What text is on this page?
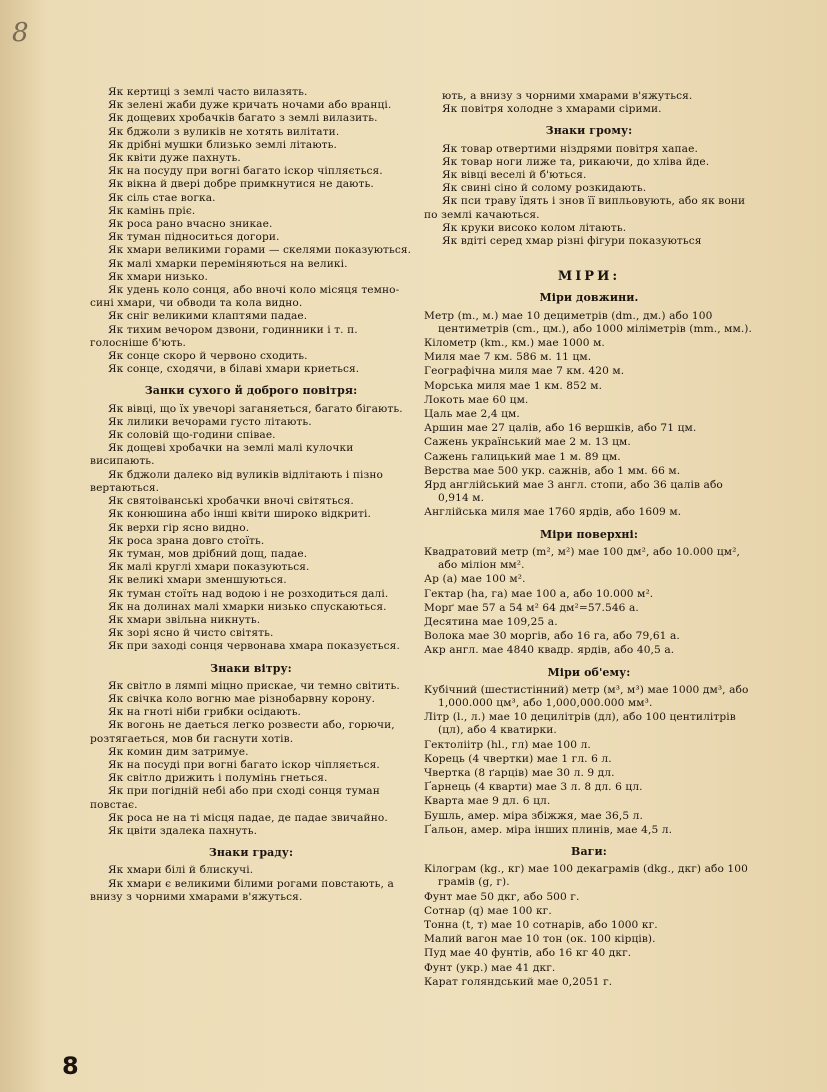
8

Як кертиці з землі часто вилазять.

Як зелені жаби дуже кричать ночами або вранці.

Як дощевих хробачків багато з землі вилазить.

Як бджоли з вуликів не хотять вилітати.

Як дрібні мушки близько землі літають.

Як квіти дуже пахнуть.

Як на посуду при вогні багато іскор чіпляється.

Як вікна й двері добре примкнутися не дають.

Як сіль стае вогка.

Як камінь пріє.

Як роса рано вчасно зникае.

Як туман підноситься догори.

Як хмари великими горами — скелями показуються.

Як малі хмарки переміняються на великі.

Як хмари низько.

Як удень коло сонця, або вночі коло місяця темно-сині хмари, чи обводи та кола видно.

Як сніг великими клаптями падае.

Як тихим вечором дзвони, годинники і т. п. голосніше б'ють.

Як сонце скоро й червоно сходить.

Як сонце, сходячи, в білаві хмари криеться.

Занки сухого й доброго повітря:

Як вівці, що їх увечорі заганяеться, багато бігають.

Як лилики вечорами густо літають.

Як соловій що-години співае.

Як дощеві хробачки на землі малі кулочки висипають.

Як бджоли далеко від вуликів відлітають і пізно вертаються.

Як святоіванські хробачки вночі світяться.

Як конюшина або інші квіти широко відкриті.

Як верхи гір ясно видно.

Як роса зрана довго стоїть.

Як туман, мов дрібний дощ, падае.

Як малі круглі хмари показуються.

Як великі хмари зменшуються.

Як туман стоїть над водою і не розходиться далі.

Як на долинах малі хмарки низько спускаються.

Як хмари звільна никнуть.

Як зорі ясно й чисто світять.

Як при заході сонця червонава хмара показується.

Знаки вітру:

Як світло в лямпі міцно прискае, чи темно світить.

Як свічка коло вогню мае різнобарвну корону.

Як на гноті ніби грибки осідають.

Як вогонь не даеться легко розвести або, горючи, розтягаеться, мов би гаснути хотів.

Як комин дим затримуе.

Як на посуді при вогні багато іскор чіпляється.

Як світло дрижить і полумінь гнеться.

Як при погідній небі або при сході сонця туман повстає.

Як роса не на ті місця падае, де падае звичайно.

Як цвіти здалека пахнуть.

Знаки граду:

Як хмари білі й блискучі.

Як хмари є великими білими рогами повстають, а внизу з чорними хмарами в'яжуться.

ють, а внизу з чорними хмарами в'яжуться.

Як повітря холодне з хмарами сірими.

Знаки грому:

Як товар отвертими ніздрями повітря хапае.

Як товар ноги лиже та, рикаючи, до хліва йде.

Як вівці веселі й б'ються.

Як свині сіно й солому розкидають.

Як пси траву їдять і знов її випльовують, або як вони по землі качаються.

Як круки високо колом літають.

Як вдіті серед хмар різні фігури показуються

МІРИ:
Міри довжини.

Метр (m., м.) мае 10 дециметрів (dm., дм.) або 100 центиметрів (cm., цм.), або 1000 міліметрів (mm., мм.).

Кілометр (km., км.) мае 1000 м.

Миля мае 7 км. 586 м. 11 цм.

Географічна миля мае 7 км. 420 м.

Морська миля мае 1 км. 852 м.

Локоть мае 60 цм.

Цаль мае 2,4 цм.

Аршин мае 27 цалів, або 16 вершків, або 71 цм.

Сажень український мае 2 м. 13 цм.

Сажень галицький мае 1 м. 89 цм.

Верства мае 500 укр. сажнів, або 1 мм. 66 м.

Ярд англійський мае 3 англ. стопи, або 36 цалів або 0,914 м.

Англійська миля мае 1760 ярдів, або 1609 м.

Міри поверхні:

Квадратовий метр (m², м²) мае 100 дм², або 10.000 цм², або мілiон мм².

Ар (а) мае 100 м².

Гектар (ha, га) мае 100 а, або 10.000 м².

Морґ мае 57 а 54 м² 64 дм²=57.546 а.

Десятина мае 109,25 а.

Волока мае 30 моргів, або 16 га, або 79,61 а.

Акр англ. мае 4840 квадр. ярдів, або 40,5 а.

Міри об'ему:

Кубічний (шестистінний) метр (м³, м³) мае 1000 дм³, або 1,000.000 цм³, або 1,000,000.000 мм³.

Літр (l., л.) мае 10 децилітрів (дл), або 100 центилітрів (цл), або 4 кватирки.

Гектоліітр (hl., гл) мае 100 л.

Корець (4 чвертки) мае 1 гл. 6 л.

Чвертка (8 ґарців) мае 30 л. 9 дл.

Ґарнець (4 кварти) мае 3 л. 8 дл. 6 цл.

Кварта мае 9 дл. 6 цл.

Бушль, амер. міра збіжжя, мае 36,5 л.

Ґальон, амер. міра інших плинів, мае 4,5 л.

Ваги:

Кілограм (kg., кг) мае 100 декаграмів (dkg., дкг) або 100 грамів (g, г).

Фунт мае 50 дкг, або 500 г.

Сотнар (q) мае 100 кг.

Тонна (t, т) мае 10 сотнарів, або 1000 кг.

Малий вагон мае 10 тон (ок. 100 кірців).

Пуд мае 40 фунтів, або 16 кг 40 дкг.

Фунт (укр.) мае 41 дкг.

Карат голяндський мае 0,2051 г.

8
